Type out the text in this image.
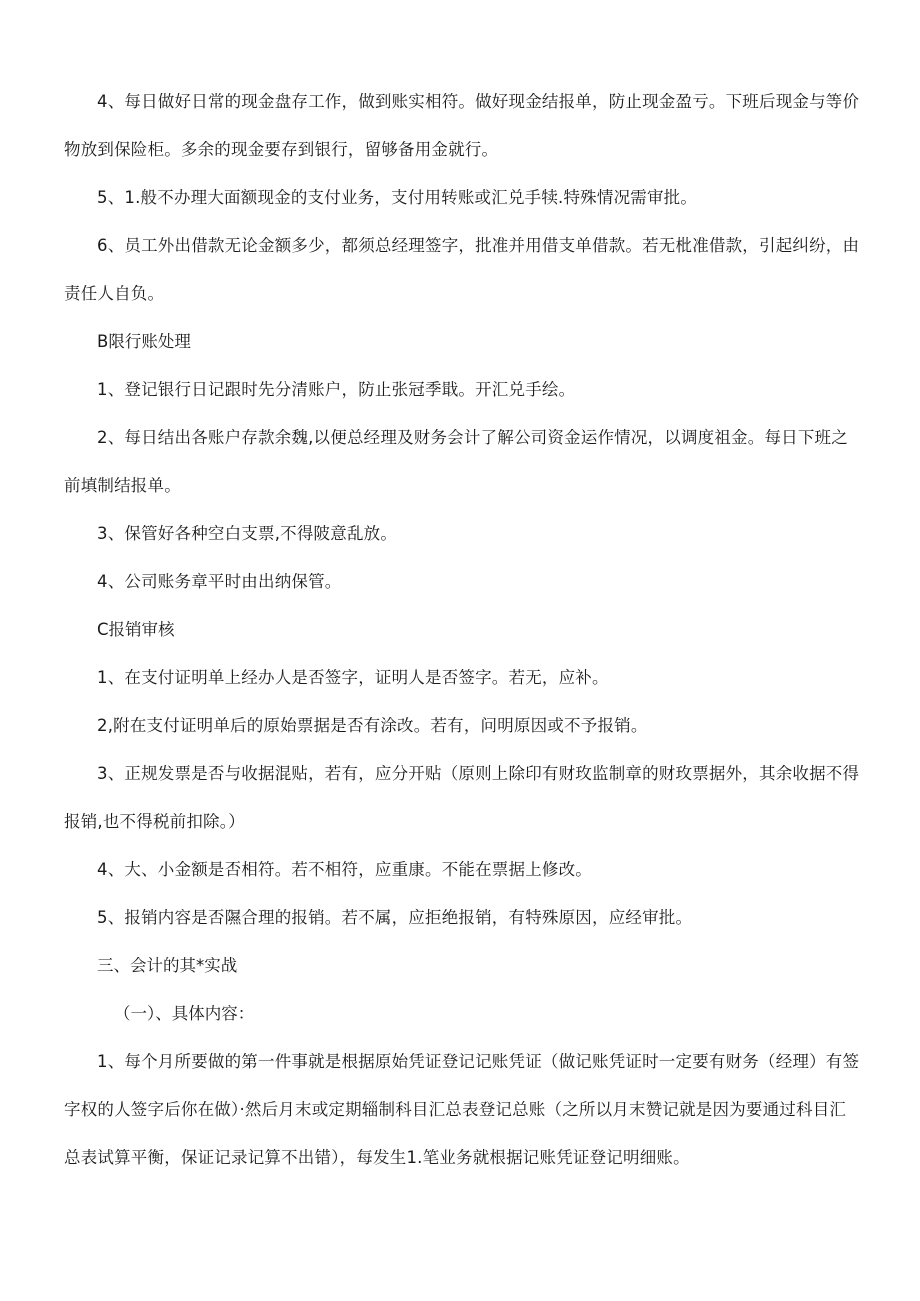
4、每日做好日常的现金盘存工作，做到账实相符。做好现金结报单，防止现金盈亏。下班后现金与等价物放到保险柜。多余的现金要存到银行，留够备用金就行。

5、1.般不办理大面额现金的支付业务，支付用转账或汇兑手犊.特殊情况需审批。

6、员工外出借款无论金额多少，都须总经理签字，批准并用借支单借款。若无枇准借款，引起纠纷，由责任人自负。

B限行账处理

1、登记银行日记跟时先分清账户，防止张冠季戢。开汇兑手绘。

2、每日结出各账户存款余魏,以便总经理及财务会计了解公司资金运作情况，以调度祖金。每日下班之前填制结报单。

3、保管好各种空白支票,不得陂意乱放。

4、公司账务章平时由出纳保管。

C报销审核

1、在支付证明单上经办人是否签字，证明人是否签字。若无，应补。

2,附在支付证明单后的原始票据是否有涂改。若有，问明原因或不予报销。

3、正规发票是否与收据混贴，若有，应分开贴（原则上除印有财玫监制章的财玫票据外，其余收据不得报销,也不得税前扣除。）

4、大、小金额是否相符。若不相符，应重康。不能在票据上修改。

5、报销内容是否隰合理的报销。若不属，应拒绝报销，有特殊原因，应经审批。

三、会计的其*实战

（一）、具体内容：

1、每个月所要做的第一件事就是根据原始凭证登记记账凭证（做记账凭证时一定要有财务（经理）有签字权的人签字后你在做）·然后月末或定期辎制科目汇总表登记总账（之所以月末赞记就是因为要通过科目汇总表试算平衡，保证记录记算不出错），每发生1.笔业务就根据记账凭证登记明细账。
